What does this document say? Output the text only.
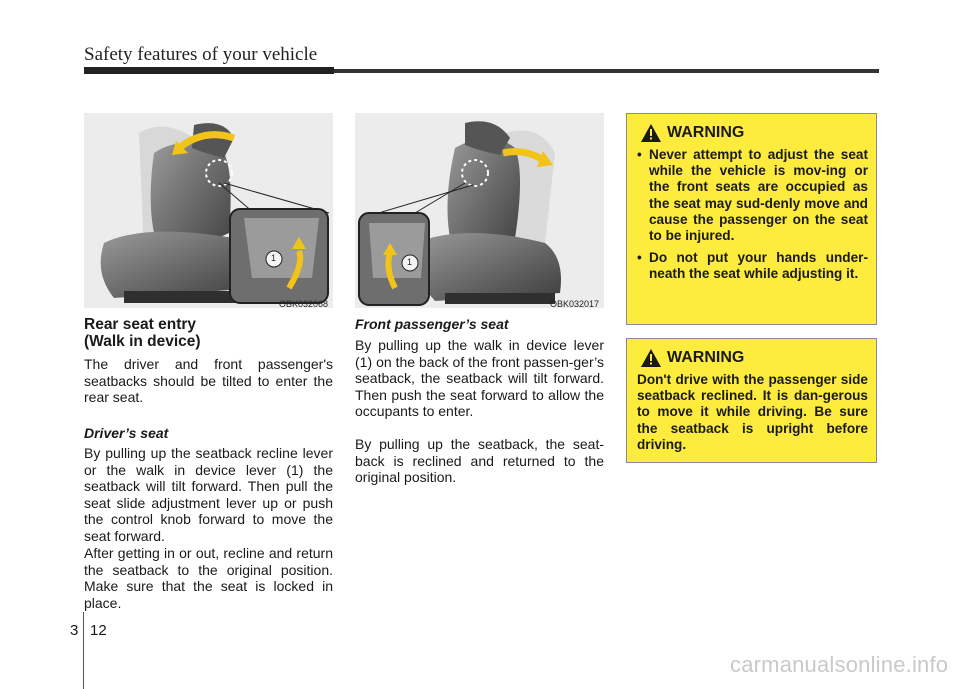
Safety features of your vehicle
1
OBK032068
1
OBK032017
Rear seat entry
(Walk in device)

The driver and front passenger's seatbacks should be tilted to enter the rear seat.

Driver’s seat

By pulling up the seatback recline lever or the walk in device lever (1) the seatback will tilt forward. Then pull the seat slide adjustment lever up or push the control knob forward to move the seat forward.

After getting in or out, recline and return the seatback to the original position. Make sure that the seat is locked in place.

Front passenger’s seat

By pulling up the walk in device lever (1) on the back of the front passen-ger’s seatback, the seatback will tilt forward. Then push the seat forward to allow the occupants to enter.

By pulling up the seatback, the seat-back is reclined and returned to the original position.

WARNING
• Never attempt to adjust the seat while the vehicle is mov-ing or the front seats are occupied as the seat may sud-denly move and cause the passenger on the seat to be injured.
• Do not put your hands under-neath the seat while adjusting it.
WARNING

Don't drive with the passenger side seatback reclined. It is dan-gerous to move it while driving. Be sure the seatback is upright before driving.

3 12
carmanualsonline.info
